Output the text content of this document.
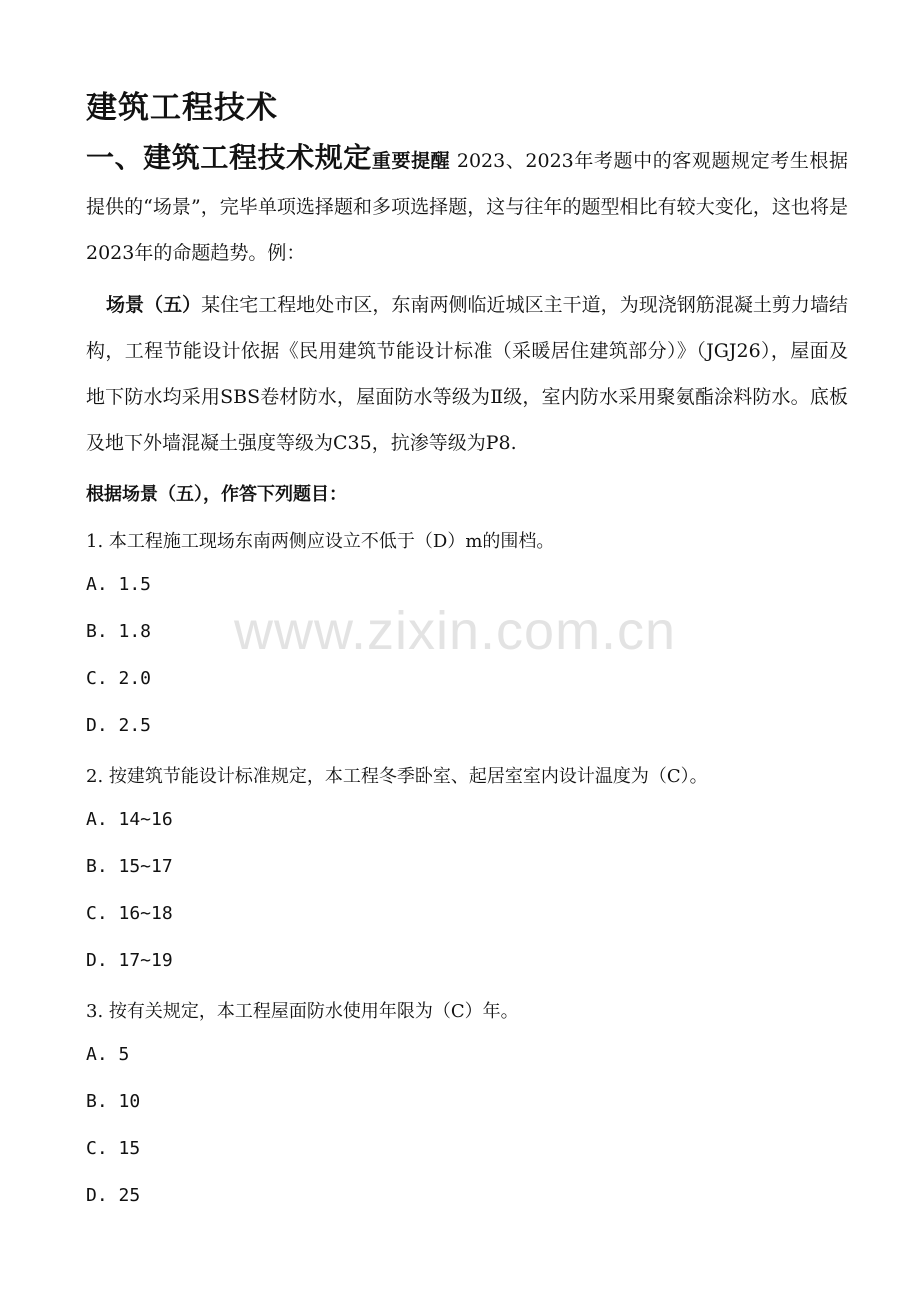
建筑工程技术
一、建筑工程技术规定重要提醒 2023、2023年考题中的客观题规定考生根据提供的“场景”，完毕单项选择题和多项选择题，这与往年的题型相比有较大变化，这也将是2023年的命题趋势。例：
场景（五）某住宅工程地处市区，东南两侧临近城区主干道，为现浇钢筋混凝土剪力墙结构，工程节能设计依据《民用建筑节能设计标准（采暖居住建筑部分）》（JGJ26），屋面及地下防水均采用SBS卷材防水，屋面防水等级为Ⅱ级，室内防水采用聚氨酯涂料防水。底板及地下外墙混凝土强度等级为C35，抗渗等级为P8.
根据场景（五），作答下列题目：
1. 本工程施工现场东南两侧应设立不低于（D）m的围档。
A. 1.5
B. 1.8
C. 2.0
D. 2.5
2. 按建筑节能设计标准规定，本工程冬季卧室、起居室室内设计温度为（C）。
A. 14~16
B. 15~17
C. 16~18
D. 17~19
3. 按有关规定，本工程屋面防水使用年限为（C）年。
A. 5
B. 10
C. 15
D. 25
www.zixin.com.cn
